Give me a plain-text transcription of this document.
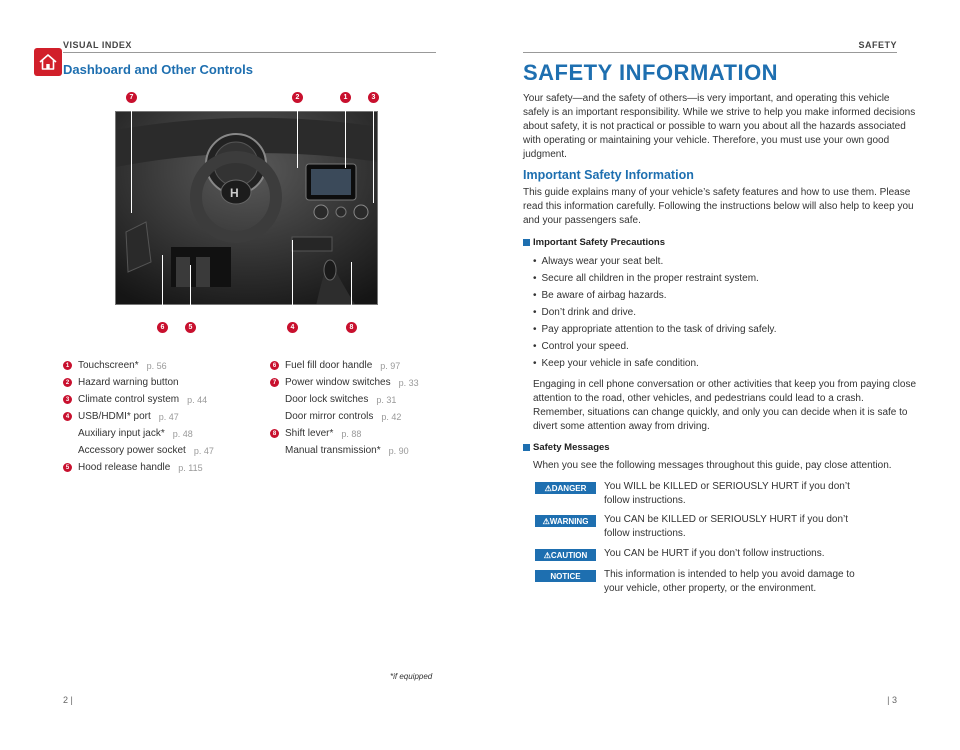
VISUAL INDEX
Dashboard and Other Controls
7	2	1	3
H
6	5	4	8
1 Touchscreen* p. 56
2 Hazard warning button
3 Climate control system p. 44
4 USB/HDMI* port p. 47
Auxiliary input jack* p. 48
Accessory power socket p. 47
5 Hood release handle p. 115
6 Fuel fill door handle p. 97
7 Power window switches p. 33
Door lock switches p. 31
Door mirror controls p. 42
8 Shift lever* p. 88
Manual transmission* p. 90
*if equipped
2 |
SAFETY
SAFETY INFORMATION
Your safety—and the safety of others—is very important, and operating this vehicle safely is an important responsibility. While we strive to help you make informed decisions about safety, it is not practical or possible to warn you about all the hazards associated with operating or maintaining your vehicle. Therefore, you must use your own good judgment.
Important Safety Information
This guide explains many of your vehicle’s safety features and how to use them. Please read this information carefully. Following the instructions below will also help to keep you and your passengers safe.
Important Safety Precautions
• Always wear your seat belt.
• Secure all children in the proper restraint system.
• Be aware of airbag hazards.
• Don’t drink and drive.
• Pay appropriate attention to the task of driving safely.
• Control your speed.
• Keep your vehicle in safe condition.
Engaging in cell phone conversation or other activities that keep you from paying close attention to the road, other vehicles, and pedestrians could lead to a crash. Remember, situations can change quickly, and only you can decide when it is safe to divert some attention away from driving.
Safety Messages
When you see the following messages throughout this guide, pay close attention.
⚠DANGER	You WILL be KILLED or SERIOUSLY HURT if you don’t follow instructions.
⚠WARNING	You CAN be KILLED or SERIOUSLY HURT if you don’t follow instructions.
⚠CAUTION	You CAN be HURT if you don’t follow instructions.
NOTICE	This information is intended to help you avoid damage to your vehicle, other property, or the environment.
| 3
